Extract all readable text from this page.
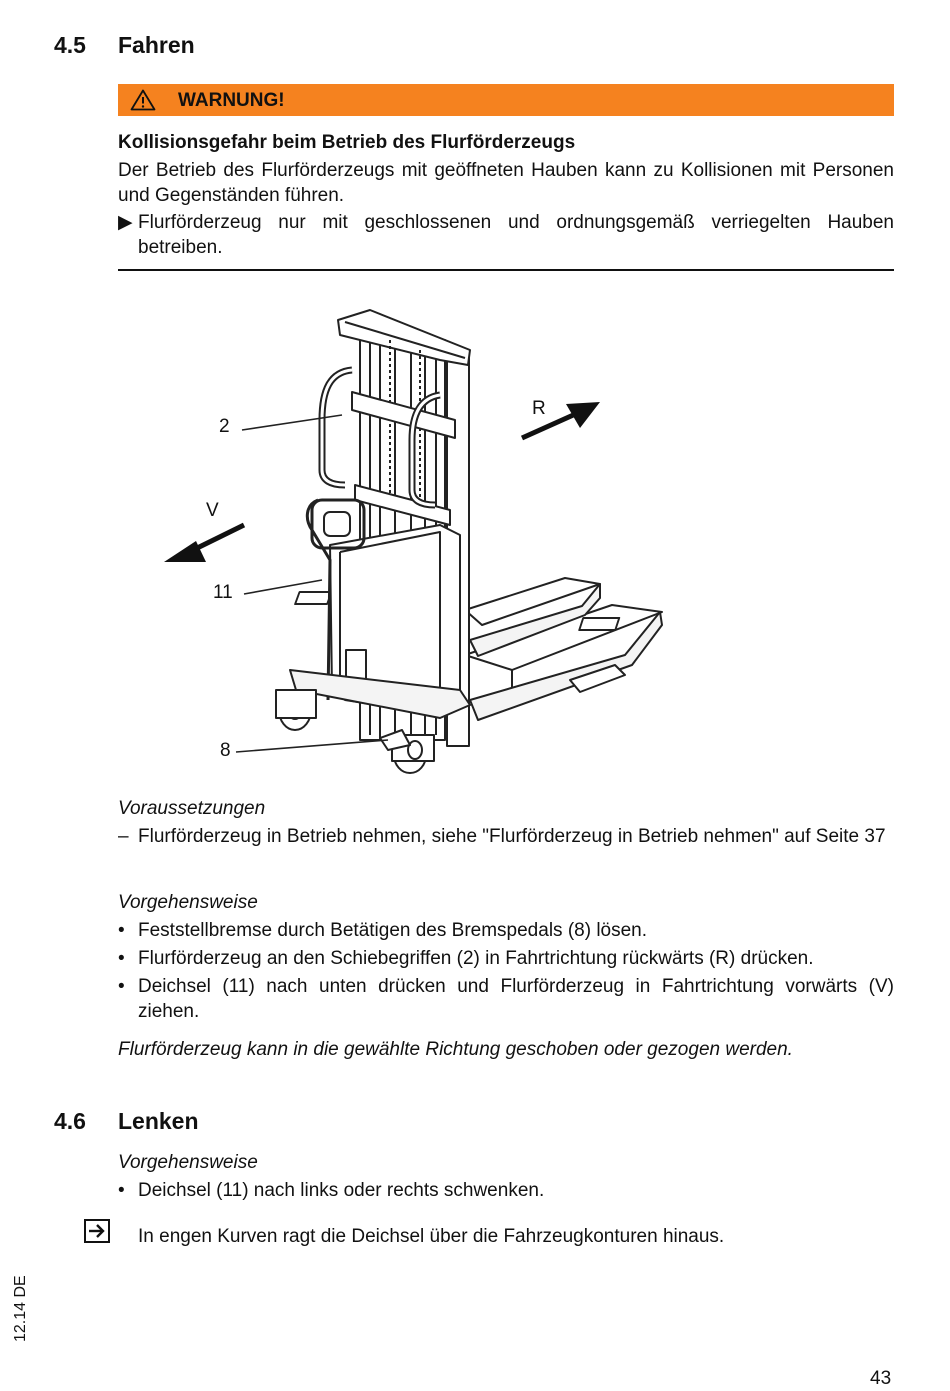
4.5 Fahren
WARNUNG!
Kollisionsgefahr beim Betrieb des Flurförderzeugs
Der Betrieb des Flurförderzeugs mit geöffneten Hauben kann zu Kollisionen mit Personen und Gegenständen führen.
▶ Flurförderzeug nur mit geschlossenen und ordnungsgemäß verriegelten Hauben betreiben.
2
11
8
R
V
Voraussetzungen
– Flurförderzeug in Betrieb nehmen, siehe "Flurförderzeug in Betrieb nehmen" auf Seite 37
Vorgehensweise
• Feststellbremse durch Betätigen des Bremspedals (8) lösen.
• Flurförderzeug an den Schiebegriffen (2) in Fahrtrichtung rückwärts (R) drücken.
• Deichsel (11) nach unten drücken und Flurförderzeug in Fahrtrichtung vorwärts (V) ziehen.
Flurförderzeug kann in die gewählte Richtung geschoben oder gezogen werden.
4.6 Lenken
Vorgehensweise
• Deichsel (11) nach links oder rechts schwenken.
In engen Kurven ragt die Deichsel über die Fahrzeugkonturen hinaus.
12.14 DE
43
